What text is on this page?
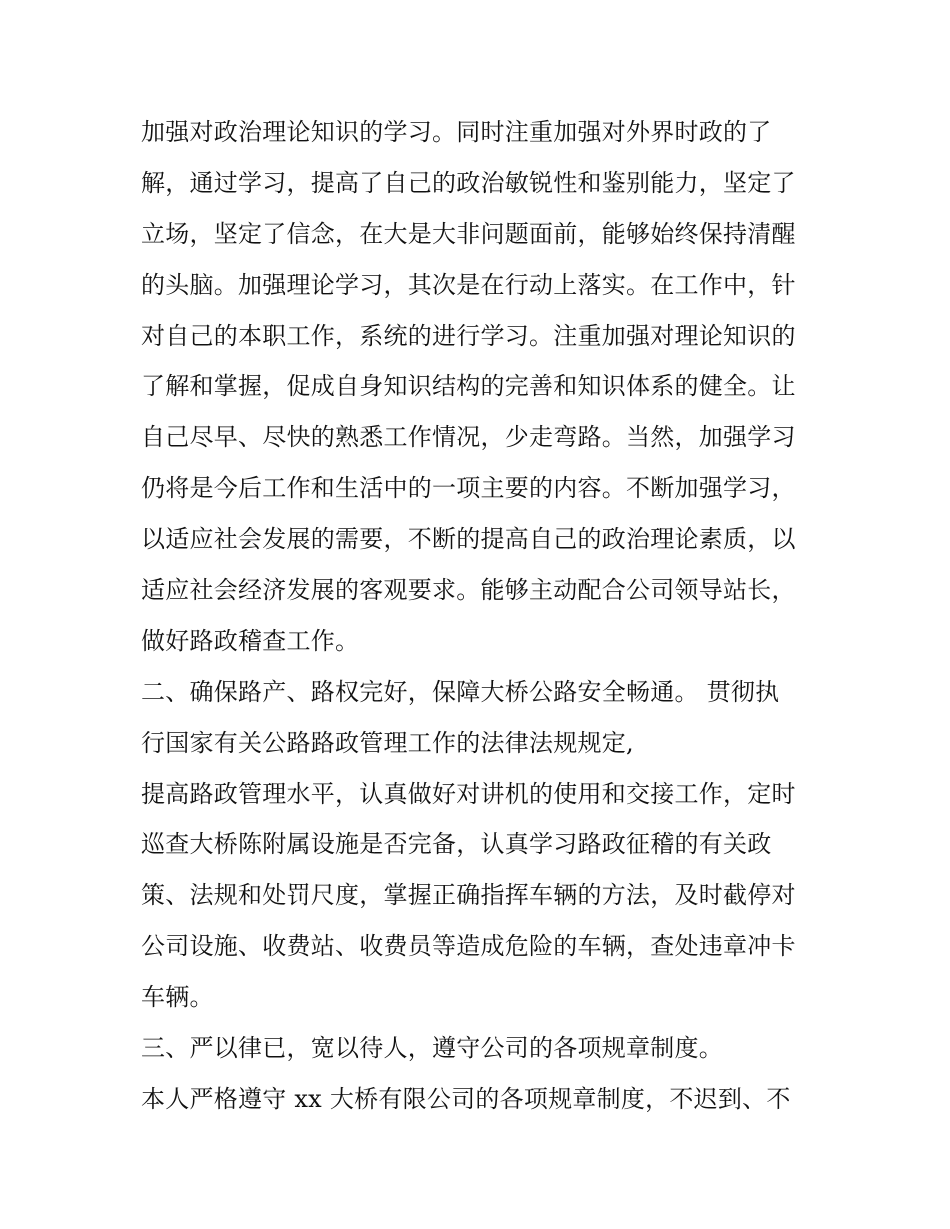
加强对政治理论知识的学习。同时注重加强对外界时政的了
解，通过学习，提高了自己的政治敏锐性和鉴别能力，坚定了
立场，坚定了信念，在大是大非问题面前，能够始终保持清醒
的头脑。加强理论学习，其次是在行动上落实。在工作中，针
对自己的本职工作，系统的进行学习。注重加强对理论知识的
了解和掌握，促成自身知识结构的完善和知识体系的健全。让
自己尽早、尽快的熟悉工作情况，少走弯路。当然，加强学习
仍将是今后工作和生活中的一项主要的内容。不断加强学习，
以适应社会发展的需要，不断的提高自己的政治理论素质，以
适应社会经济发展的客观要求。能够主动配合公司领导站长，
做好路政稽查工作。
二、确保路产、路权完好，保障大桥公路安全畅通。 贯彻执
行国家有关公路路政管理工作的法律法规规定,
提高路政管理水平，认真做好对讲机的使用和交接工作，定时
巡查大桥陈附属设施是否完备，认真学习路政征稽的有关政
策、法规和处罚尺度，掌握正确指挥车辆的方法，及时截停对
公司设施、收费站、收费员等造成危险的车辆，查处违章冲卡
车辆。
三、严以律已，宽以待人，遵守公司的各项规章制度。
本人严格遵守 xx 大桥有限公司的各项规章制度，不迟到、不
